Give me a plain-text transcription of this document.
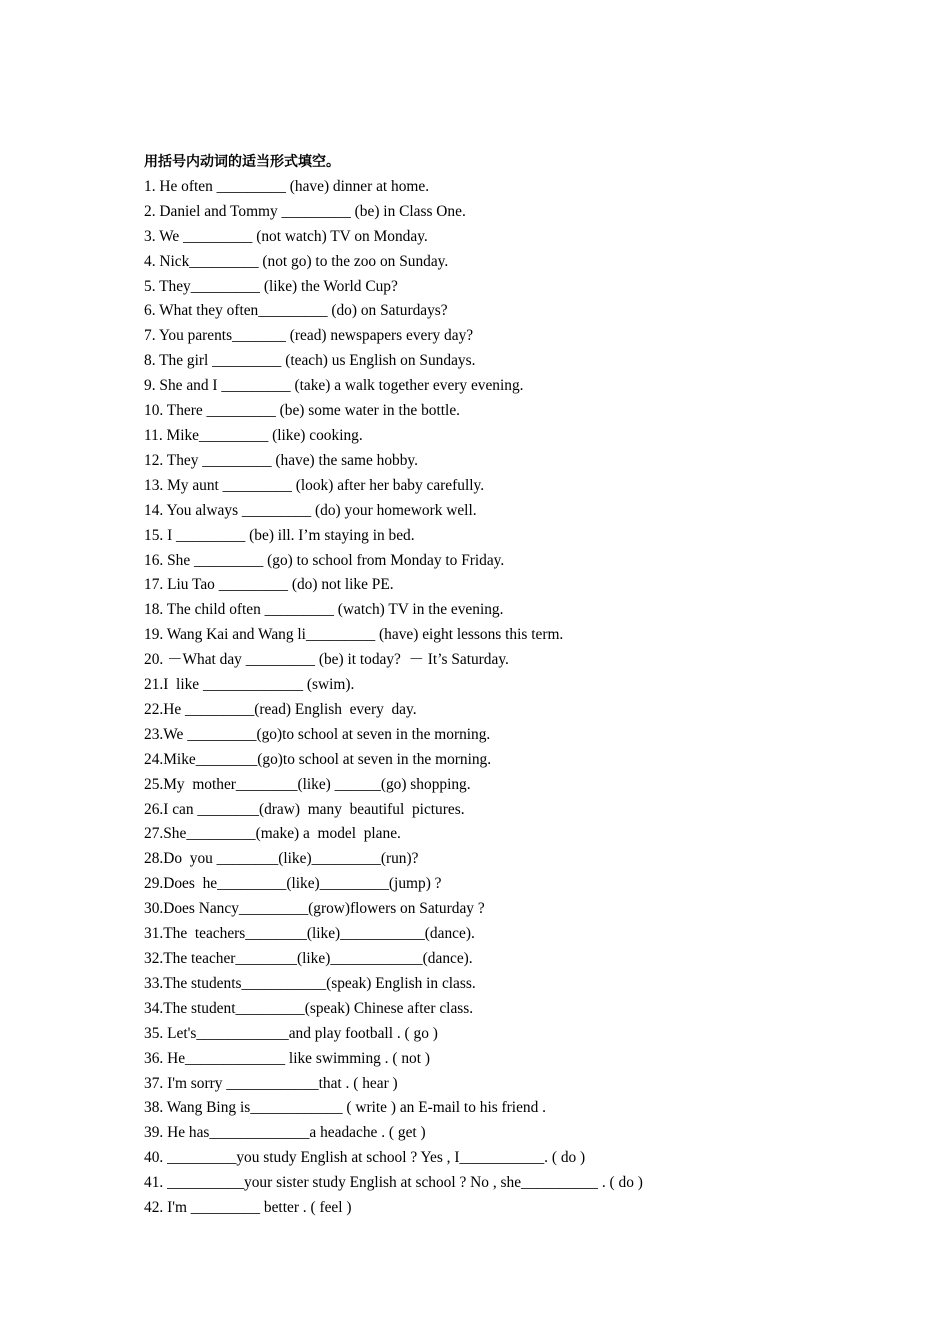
用括号内动词的适当形式填空。
1. He often _________ (have) dinner at home.
2. Daniel and Tommy _________ (be) in Class One.
3. We _________ (not watch) TV on Monday.
4. Nick_________ (not go) to the zoo on Sunday.
5. They_________ (like) the World Cup?
6. What they often_________ (do) on Saturdays?
7. You parents_______ (read) newspapers every day?
8. The girl _________ (teach) us English on Sundays.
9. She and I _________ (take) a walk together every evening.
10. There _________ (be) some water in the bottle.
11. Mike_________ (like) cooking.
12. They _________ (have) the same hobby.
13. My aunt _________ (look) after her baby carefully.
14. You always _________ (do) your homework well.
15. I _________ (be) ill. I’m staying in bed.
16. She _________ (go) to school from Monday to Friday.
17. Liu Tao _________ (do) not like PE.
18. The child often _________ (watch) TV in the evening.
19. Wang Kai and Wang li_________ (have) eight lessons this term.
20. －What day _________ (be) it today?  － It’s Saturday.
21.I  like _____________ (swim).
22.He _________(read) English  every  day.
23.We _________(go)to school at seven in the morning.
24.Mike________(go)to school at seven in the morning.
25.My  mother________(like) ______(go) shopping.
26.I can ________(draw)  many  beautiful  pictures.
27.She_________(make) a  model  plane.
28.Do  you ________(like)_________(run)?
29.Does  he_________(like)_________(jump) ?
30.Does Nancy_________(grow)flowers on Saturday ?
31.The  teachers________(like)___________(dance).
32.The teacher________(like)____________(dance).
33.The students___________(speak) English in class.
34.The student_________(speak) Chinese after class.
35. Let's____________and play football . ( go )
36. He_____________ like swimming . ( not )
37. I'm sorry ____________that . ( hear )
38. Wang Bing is____________ ( write ) an E-mail to his friend .
39. He has_____________a headache . ( get )
40. _________you study English at school ? Yes , I___________. ( do )
41. __________your sister study English at school ? No , she__________ . ( do )
42. I'm _________ better . ( feel )
